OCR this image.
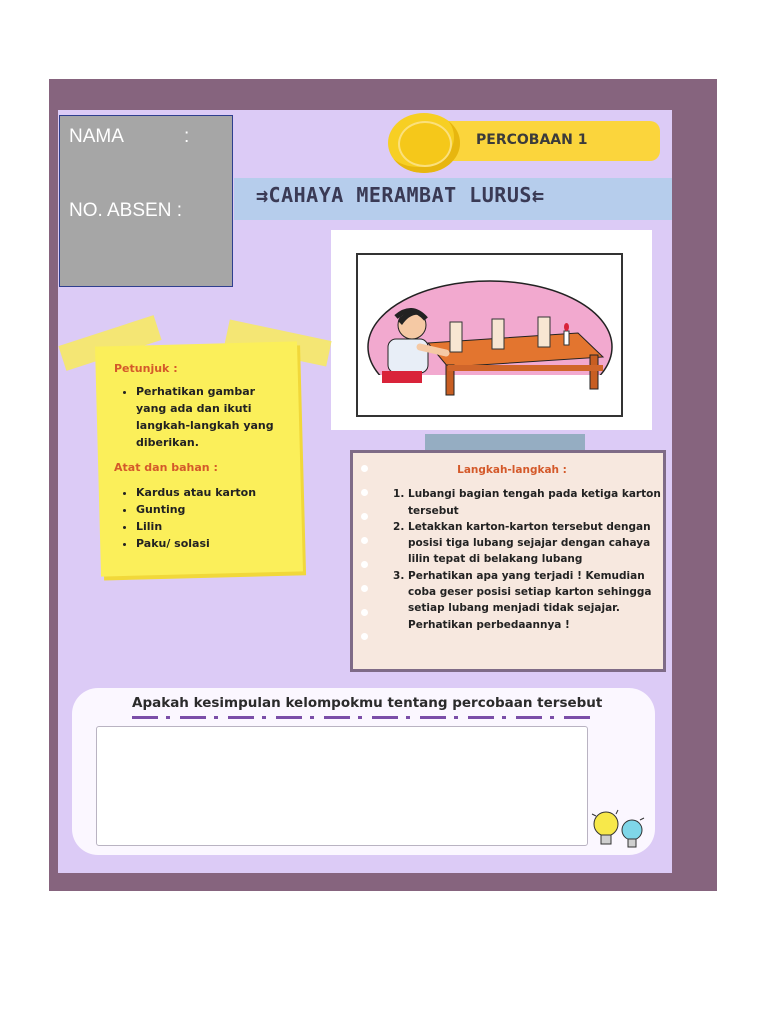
NAMA	:
NO. ABSEN :
PERCOBAAN 1
⇉CAHAYA MERAMBAT LURUS⇇
Petunjuk :
• Perhatikan gambar yang ada dan ikuti langkah-langkah yang diberikan.
Atat dan bahan :
• Kardus atau karton
• Gunting
• Lilin
• Paku/ solasi
Langkah-langkah :
1. Lubangi bagian tengah pada ketiga karton tersebut
2. Letakkan karton-karton tersebut dengan posisi tiga lubang sejajar dengan cahaya lilin tepat di belakang lubang
3. Perhatikan apa yang terjadi ! Kemudian coba geser posisi setiap karton sehingga setiap lubang menjadi tidak sejajar. Perhatikan perbedaannya !
Apakah kesimpulan kelompokmu tentang percobaan tersebut
